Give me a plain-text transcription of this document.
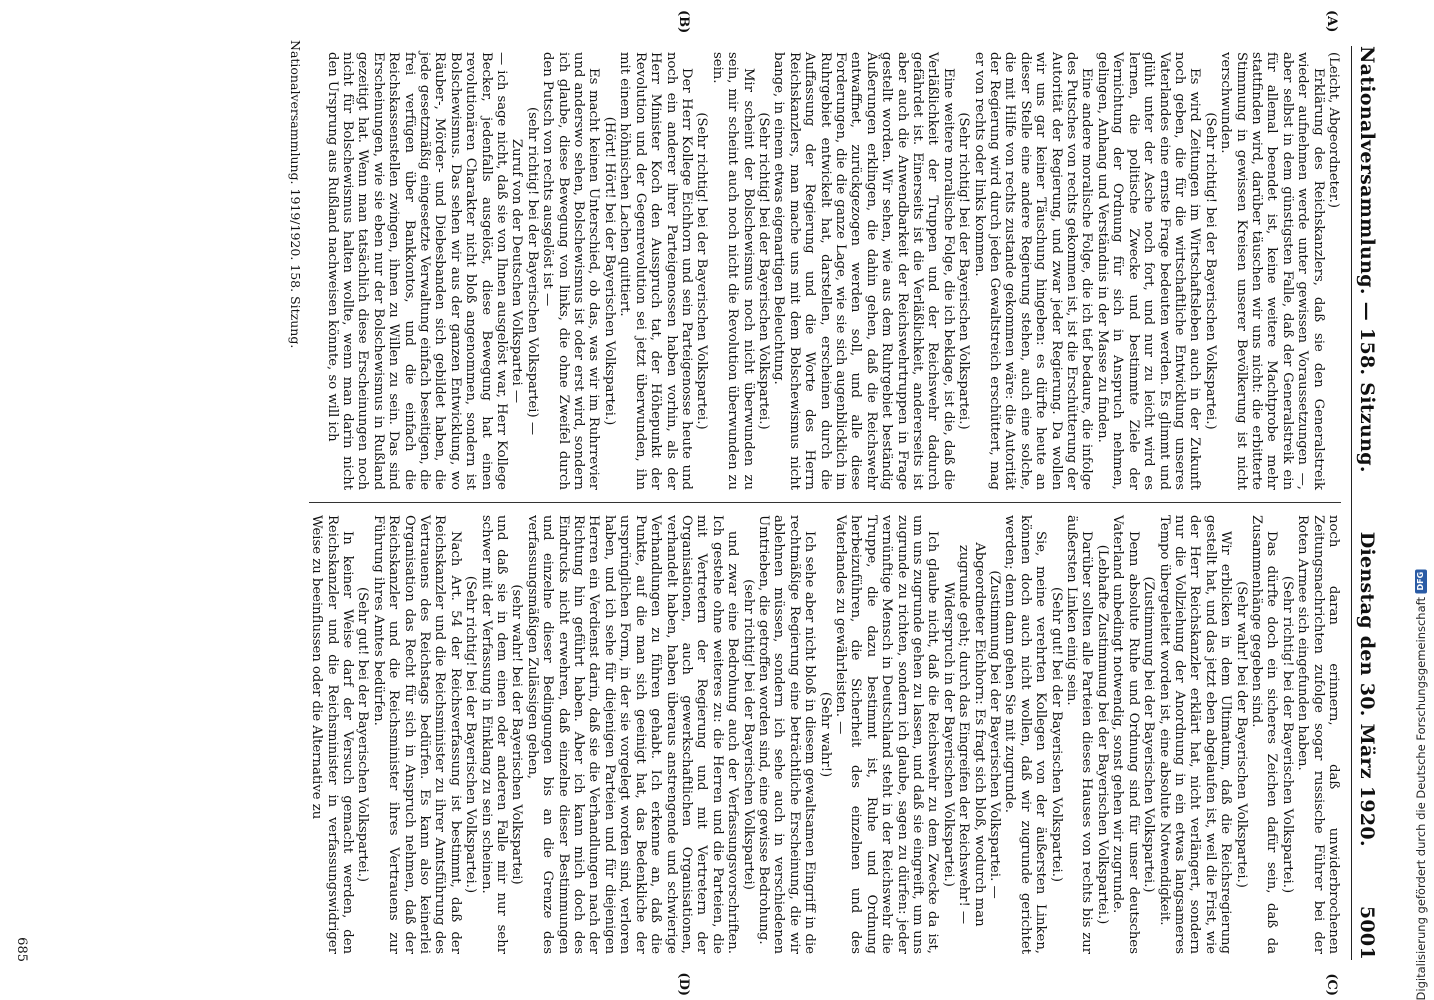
Nationalversammlung. — 158. Sitzung.
Dienstag den 30. März 1920.
5001
(A)
(B)
(C)
(D)

(Leicht, Abgeordneter.)

Erklärung des Reichskanzlers, daß sie den Generalstreik wieder aufnehmen werde unter gewissen Voraussetzungen —, aber selbst in dem günstigsten Falle, daß der Generalstreik ein für allemal beendet ist, keine weitere Machtprobe mehr stattfinden wird, darüber täuschen wir uns nicht: die erbitterte Stimmung in gewissen Kreisen unserer Bevölkerung ist nicht verschwunden.

(Sehr richtig! bei der Bayerischen Volkspartei.)

Es wird Zeitungen im Wirtschaftsleben auch in der Zukunft noch geben, die für die wirtschaftliche Entwicklung unseres Vaterlandes eine ernste Frage bedeuten werden. Es glimmt und glüht unter der Asche noch fort, und nur zu leicht wird es lernen, die politische Zwecke und bestimmte Ziele der Vernichtung der Ordnung für sich in Anspruch nehmen, gelingen, Anhang und Verständnis in der Masse zu finden.

Eine andere moralische Folge, die ich tief bedaure, die infolge des Putsches von rechts gekommen ist, ist die Erschütterung der Autorität der Regierung, und zwar jeder Regierung. Da wollen wir uns gar keiner Täuschung hingeben: es dürfte heute an dieser Stelle eine andere Regierung stehen, auch eine solche, die mit Hilfe von rechts zustande gekommen wäre: die Autorität der Regierung wird durch jeden Gewaltstreich erschüttert, mag er von rechts oder links kommen.

(Sehr richtig! bei der Bayerischen Volkspartei.)

Eine weitere moralische Folge, die ich beklage, ist die, daß die Verläßlichkeit der Truppen und der Reichswehr dadurch gefährdet ist. Einerseits ist die Verläßlichkeit, andererseits ist aber auch die Anwendbarkeit der Reichswehrtruppen in Frage gestellt worden. Wir sehen, wie aus dem Ruhrgebiet beständig Äußerungen erklingen, die dahin gehen, daß die Reichswehr entwaffnet, zurückgezogen werden soll, und alle diese Forderungen, die die ganze Lage, wie sie sich augenblicklich im Ruhrgebiet entwickelt hat, darstellen, erscheinen durch die Auffassung der Regierung und die Worte des Herrn Reichskanzlers, man mache uns mit dem Bolschewismus nicht bange, in einem etwas eigenartigen Beleuchtung.

(Sehr richtig! bei der Bayerischen Volkspartei.)

Mir scheint der Bolschewismus noch nicht überwunden zu sein, mir scheint auch noch nicht die Revolution überwunden zu sein.

(Sehr richtig! bei der Bayerischen Volkspartei.)

Der Herr Kollege Eichhorn und sein Parteigenosse heute und noch ein anderer ihrer Parteigenossen haben vorhin, als der Herr Minister Koch den Ausspruch tat, der Höhepunkt der Revolution und der Gegenrevolution sei jetzt überwunden, ihn mit einem höhnischen Lachen quittiert.

(Hört! Hört! bei der Bayerischen Volkspartei.)

Es macht keinen Unterschied, ob das, was wir im Ruhrrevier und anderswo sehen, Bolschewismus ist oder erst wird, sondern ich glaube, diese Bewegung von links, die ohne Zweifel durch den Putsch von rechts ausgelöst ist —

(sehr richtig! bei der Bayerischen Volkspartei) —

Zuruf von der Deutschen Volkspartei —

— ich sage nicht, daß sie von Ihnen ausgelöst war, Herr Kollege Becker, jedenfalls ausgelöst, diese Bewegung hat einen revolutionären Charakter nicht bloß angenommen, sondern ist Bolschewismus. Das sehen wir aus der ganzen Entwicklung, wo Räuber-, Mörder- und Diebesbanden sich gebildet haben, die jede gesetzmäßig eingesetzte Verwaltung einfach beseitigen, die frei verfügen über Bankkontos, und die einfach die Reichskassenstellen zwingen, ihnen zu Willen zu sein. Das sind Erscheinungen, wie sie eben nur der Bolschewismus in Rußland gezeitigt hat. Wenn man tatsächlich diese Erscheinungen noch nicht für Bolschewismus halten wollte, wenn man darin nicht den Ursprung aus Rußland nachweisen könnte, so will ich

noch daran erinnern, daß unwiderbrochenen Zeitungsnachrichten zufolge sogar russische Führer bei der Roten Armee sich eingefunden haben.

(Sehr richtig! bei der Bayerischen Volkspartei.)

Das dürfte doch ein sicheres Zeichen dafür sein, daß da Zusammenhänge gegeben sind.

(Sehr wahr! bei der Bayerischen Volkspartei.)

Wir erblicken in dem Ultimatum, daß die Reichsregierung gestellt hat, und das jetzt eben abgelaufen ist, weil die Frist, wie der Herr Reichskanzler erklärt hat, nicht verlängert, sondern nur die Vollziehung der Anordnung in ein etwas langsameres Tempo übergeleitet worden ist, eine absolute Notwendigkeit.

(Zustimmung bei der Bayerischen Volkspartei.)

Denn absolute Ruhe und Ordnung sind für unser deutsches Vaterland unbedingt notwendig, sonst gehen wir zugrunde.

(Lebhafte Zustimmung bei der Bayerischen Volkspartei.)

Darüber sollten alle Parteien dieses Hauses von rechts bis zur äußersten Linken einig sein.

(Sehr gut! bei der Bayerischen Volkspartei.)

Sie, meine verehrten Kollegen von der äußersten Linken, können doch auch nicht wollen, daß wir zugrunde gerichtet werden; denn dann gehen Sie mit zugrunde.

(Zustimmung bei der Bayerischen Volkspartei. — Abgeordneter Eichhorn: Es fragt sich bloß, wodurch man zugrunde geht; durch das Eingreifen der Reichswehr! — Widerspruch in der Bayerischen Volkspartei.)

Ich glaube nicht, daß die Reichswehr zu dem Zwecke da ist, um uns zugrunde gehen zu lassen, und daß sie eingreift, um uns zugrunde zu richten, sondern ich glaube, sagen zu dürfen: jeder vernünftige Mensch in Deutschland steht in der Reichswehr die Truppe, die dazu bestimmt ist, Ruhe und Ordnung herbeizuführen, die Sicherheit des einzelnen und des Vaterlandes zu gewährleisten. —

(Sehr wahr!)

Ich sehe aber nicht bloß in diesem gewaltsamen Eingriff in die rechtmäßige Regierung eine beträchtliche Erscheinung, die wir ablehnen müssen, sondern ich sehe auch in verschiedenen Umtrieben, die getroffen worden sind, eine gewisse Bedrohung.

(sehr richtig! bei der Bayerischen Volkspartei)

und zwar eine Bedrohung auch der Verfassungsvorschriften. Ich gestehe ohne weiteres zu: die Herren und die Parteien, die mit Vertretern der Regierung und mit Vertretern der Organisationen, auch gewerkschaftlichen Organisationen, verhandelt haben, haben überaus anstrengende und schwierige Verhandlungen zu führen gehabt. Ich erkenne an, daß die Punkte, auf die man sich geeinigt hat, das Bedenkliche der ursprünglichen Form, in der sie vorgelegt worden sind, verloren haben, und ich sehe für diejenigen Parteien und für diejenigen Herren ein Verdienst darin, daß sie die Verhandlungen nach der Richtung hin geführt haben. Aber ich kann mich doch des Eindrucks nicht erwehren, daß einzelne dieser Bestimmungen und einzelne dieser Bedingungen bis an die Grenze des verfassungsmäßigen Zulässigen gehen,

(sehr wahr! bei der Bayerischen Volkspartei)

und daß sie in dem einen oder anderen Falle mir nur sehr schwer mit der Verfassung in Einklang zu sein scheinen.

(Sehr richtig! bei der Bayerischen Volkspartei.)

Nach Art. 54 der Reichsverfassung ist bestimmt, daß der Reichskanzler und die Reichsminister zu ihrer Amtsführung des Vertrauens des Reichstags bedürfen. Es kann also keinerlei Organisation das Recht für sich in Anspruch nehmen, daß der Reichskanzler und die Reichsminister ihres Vertrauens zur Führung ihres Amtes bedürfen.

(Sehr gut! bei der Bayerischen Volkspartei.)

In keiner Weise darf der Versuch gemacht werden, den Reichskanzler und die Reichsminister in verfassungswidriger Weise zu beeinflussen oder die Alternative zu

Nationalversammlung. 1919/1920. 158. Sitzung.

685	Digitalisierung gefördert durch die Deutsche Forschungsgemeinschaft
DFG
